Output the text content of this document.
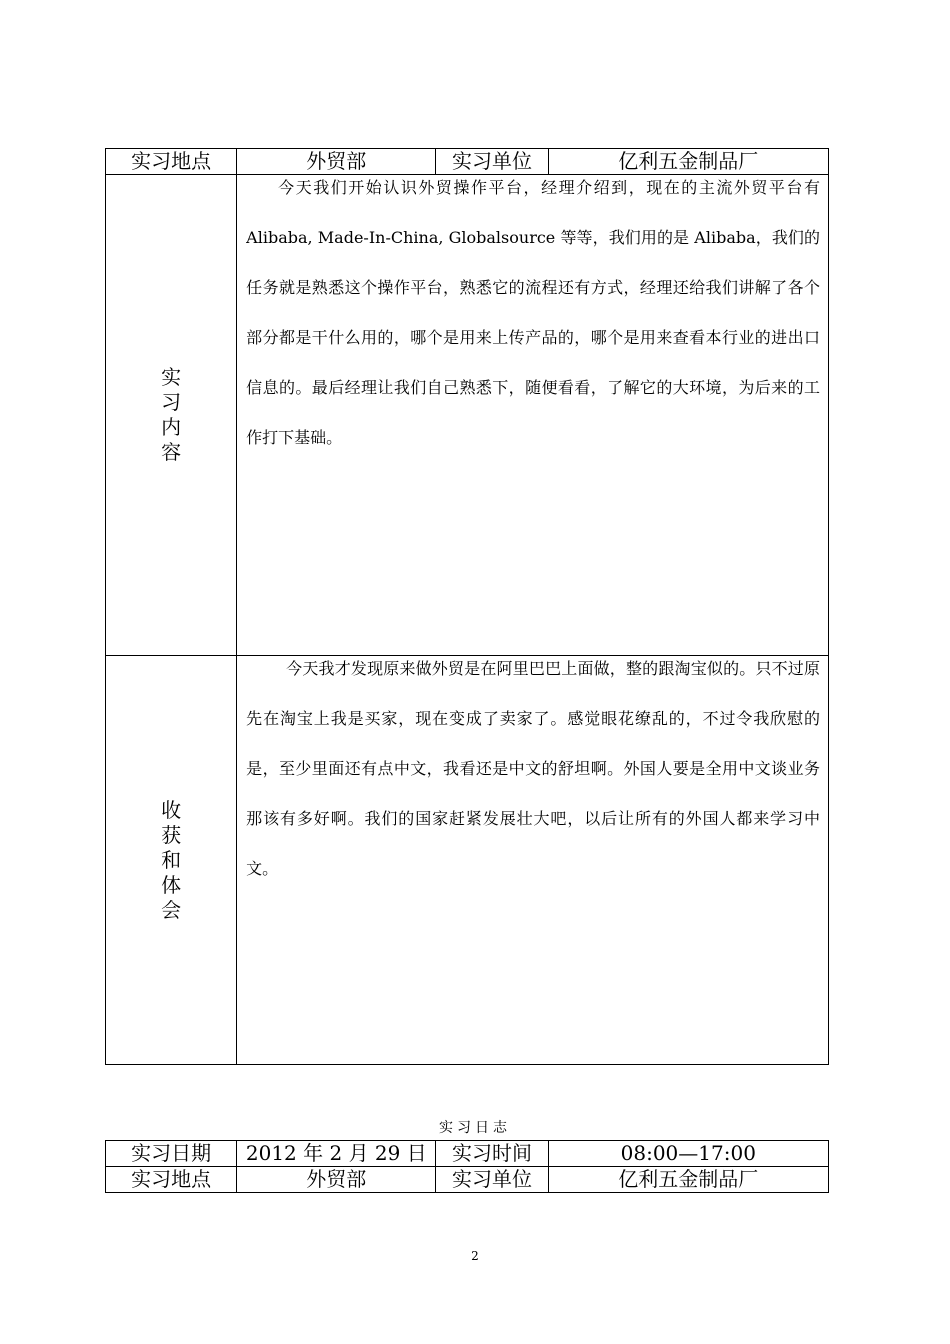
实习地点	外贸部	实习单位	亿利五金制品厂
实习内容	今天我们开始认识外贸操作平台，经理介绍到，现在的主流外贸平台有 Alibaba, Made-In-China, Globalsource 等等，我们用的是 Alibaba，我们的任务就是熟悉这个操作平台，熟悉它的流程还有方式，经理还给我们讲解了各个部分都是干什么用的，哪个是用来上传产品的，哪个是用来查看本行业的进出口信息的。最后经理让我们自己熟悉下，随便看看，了解它的大环境，为后来的工作打下基础。		

收获和体会	今天我才发现原来做外贸是在阿里巴巴上面做，整的跟淘宝似的。只不过原先在淘宝上我是买家，现在变成了卖家了。感觉眼花缭乱的，不过令我欣慰的是，至少里面还有点中文，我看还是中文的舒坦啊。外国人要是全用中文谈业务那该有多好啊。我们的国家赶紧发展壮大吧，以后让所有的外国人都来学习中文。		

实习日志
实习日期	2012 年 2 月 29 日	实习时间	08:00—17:00
实习地点	外贸部	实习单位	亿利五金制品厂
2
